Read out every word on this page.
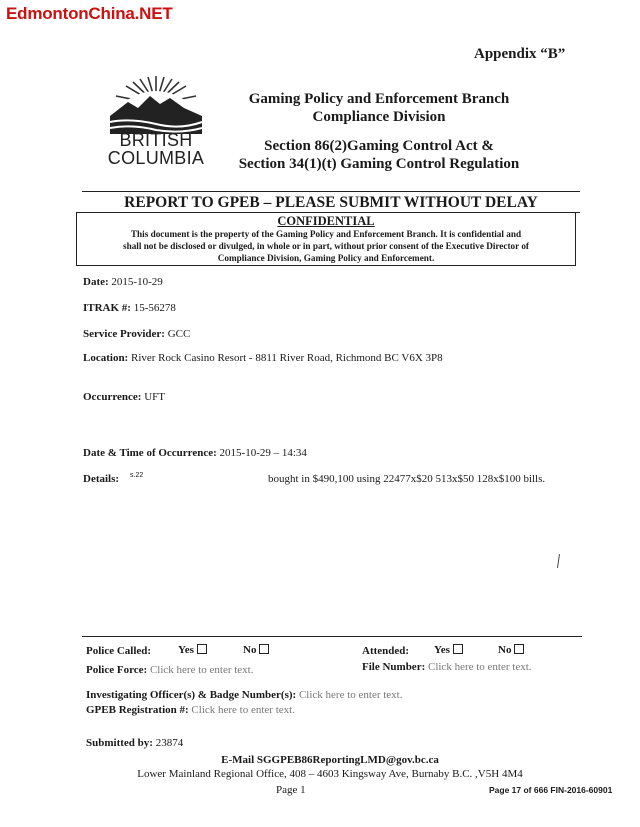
EdmontonChina.NET
Appendix “B”
BRITISH
COLUMBIA
Gaming Policy and Enforcement Branch
Compliance Division
Section 86(2)Gaming Control Act &
Section 34(1)(t) Gaming Control Regulation
REPORT TO GPEB – PLEASE SUBMIT WITHOUT DELAY
CONFIDENTIAL
This document is the property of the Gaming Policy and Enforcement Branch. It is confidential and
shall not be disclosed or divulged, in whole or in part, without prior consent of the Executive Director of
Compliance Division, Gaming Policy and Enforcement.
Date: 2015-10-29
ITRAK #: 15-56278
Service Provider: GCC
Location: River Rock Casino Resort - 8811 River Road, Richmond BC V6X 3P8
Occurrence: UFT
Date & Time of Occurrence: 2015-10-29 – 14:34
Details: s.22	bought in $490,100 using 22477x$20 513x$50 128x$100 bills.
Police Called: Yes	No	Attended: Yes	No
Police Force: Click here to enter text.	File Number: Click here to enter text.
Investigating Officer(s) & Badge Number(s): Click here to enter text.
GPEB Registration #: Click here to enter text.
Submitted by: 23874
E-Mail SGGPEB86ReportingLMD@gov.bc.ca
Lower Mainland Regional Office, 408 – 4603 Kingsway Ave, Burnaby B.C. ,V5H 4M4
Page 1	Page 17 of 666 FIN-2016-60901
